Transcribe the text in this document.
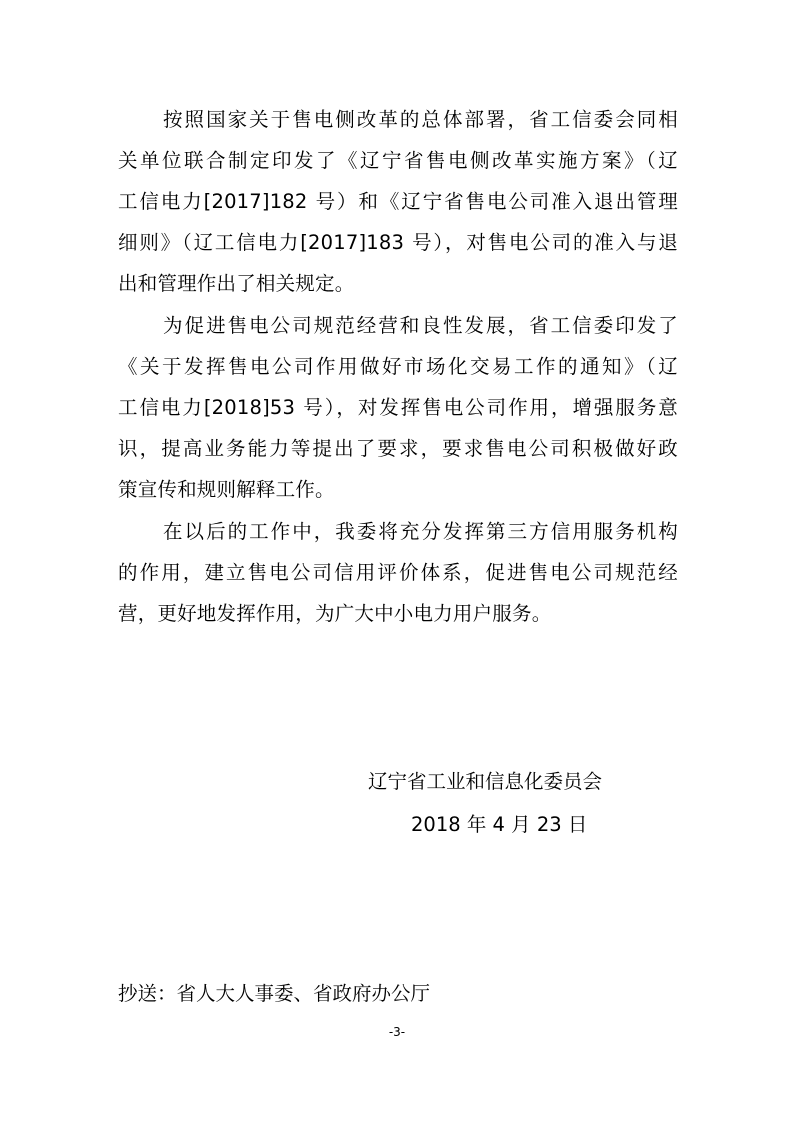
按照国家关于售电侧改革的总体部署，省工信委会同相
关单位联合制定印发了《辽宁省售电侧改革实施方案》（辽
工信电力[2017]182 号）和《辽宁省售电公司准入退出管理
细则》（辽工信电力[2017]183 号），对售电公司的准入与退
出和管理作出了相关规定。
为促进售电公司规范经营和良性发展，省工信委印发了
《关于发挥售电公司作用做好市场化交易工作的通知》（辽
工信电力[2018]53 号），对发挥售电公司作用，增强服务意
识，提高业务能力等提出了要求，要求售电公司积极做好政
策宣传和规则解释工作。
在以后的工作中，我委将充分发挥第三方信用服务机构
的作用，建立售电公司信用评价体系，促进售电公司规范经
营，更好地发挥作用，为广大中小电力用户服务。
辽宁省工业和信息化委员会
2018 年 4 月 23 日
抄送：省人大人事委、省政府办公厅
-3-
